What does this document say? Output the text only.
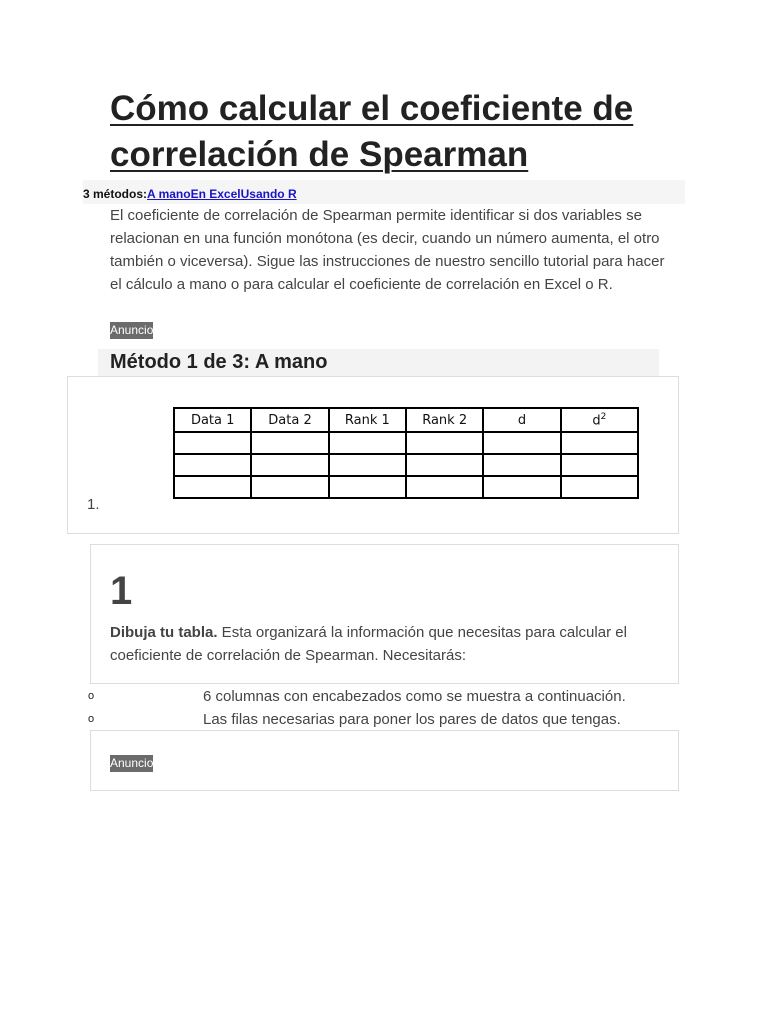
Cómo calcular el coeficiente de correlación de Spearman
3 métodos:A manoEn ExcelUsando R

El coeficiente de correlación de Spearman permite identificar si dos variables se relacionan en una función monótona (es decir, cuando un número aumenta, el otro también o viceversa). Sigue las instrucciones de nuestro sencillo tutorial para hacer el cálculo a mano o para calcular el coeficiente de correlación en Excel o R.

Anuncio
Método 1 de 3: A mano
Data 1	Data 2	Rank 1	Rank 2	d	$d^2$

1.
1

Dibuja tu tabla. Esta organizará la información que necesitas para calcular el coeficiente de correlación de Spearman. Necesitarás:

o	6 columnas con encabezados como se muestra a continuación.
o	Las filas necesarias para poner los pares de datos que tengas.
Anuncio
